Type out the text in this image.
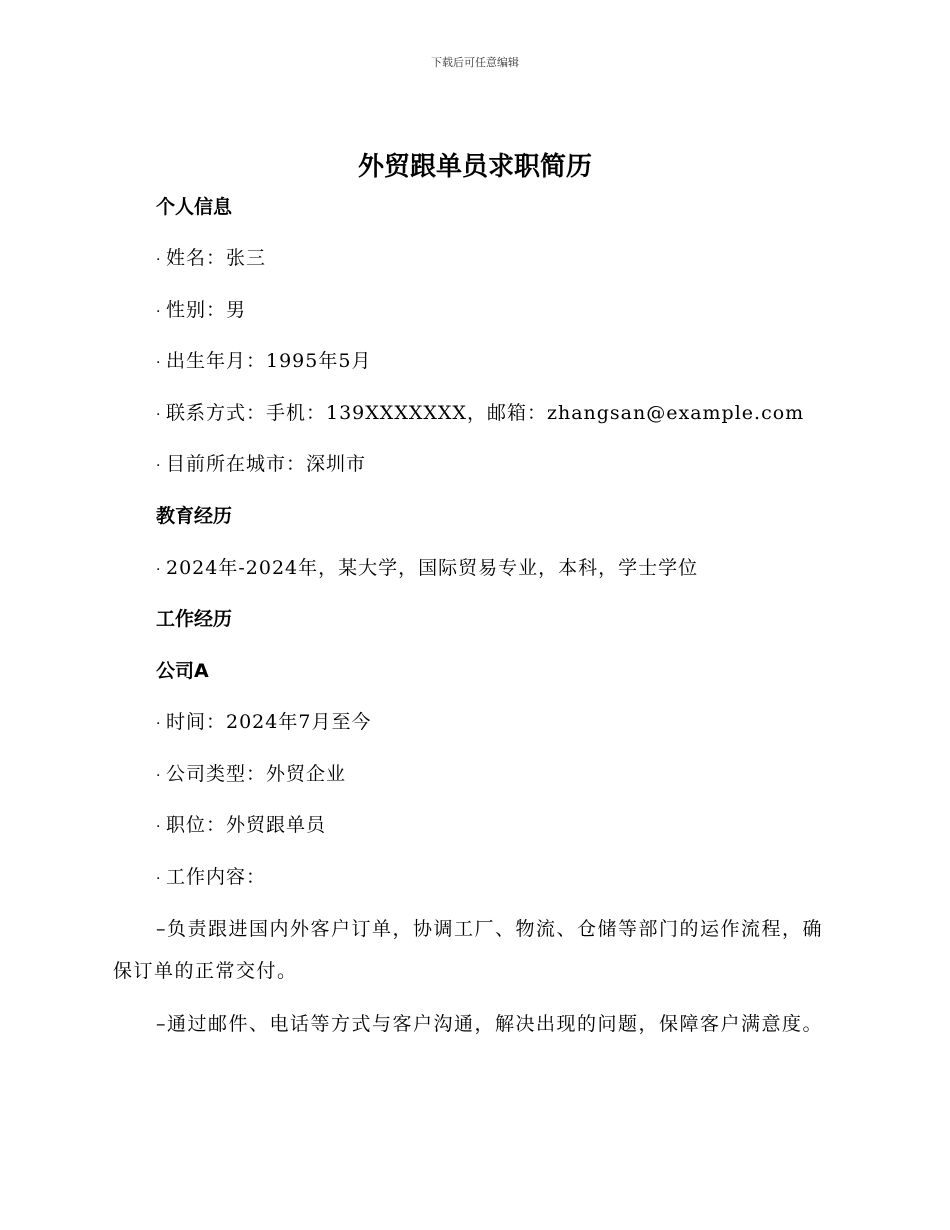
下载后可任意编辑
外贸跟单员求职简历
个人信息
· 姓名：张三
· 性别：男
· 出生年月：1995年5月
· 联系方式：手机：139XXXXXXX，邮箱：zhangsan@example.com
· 目前所在城市：深圳市
教育经历
· 2024年-2024年，某大学，国际贸易专业，本科，学士学位
工作经历
公司A
· 时间：2024年7月至今
· 公司类型：外贸企业
· 职位：外贸跟单员
· 工作内容：
–负责跟进国内外客户订单，协调工厂、物流、仓储等部门的运作流程，确保订单的正常交付。
–通过邮件、电话等方式与客户沟通，解决出现的问题，保障客户满意度。
